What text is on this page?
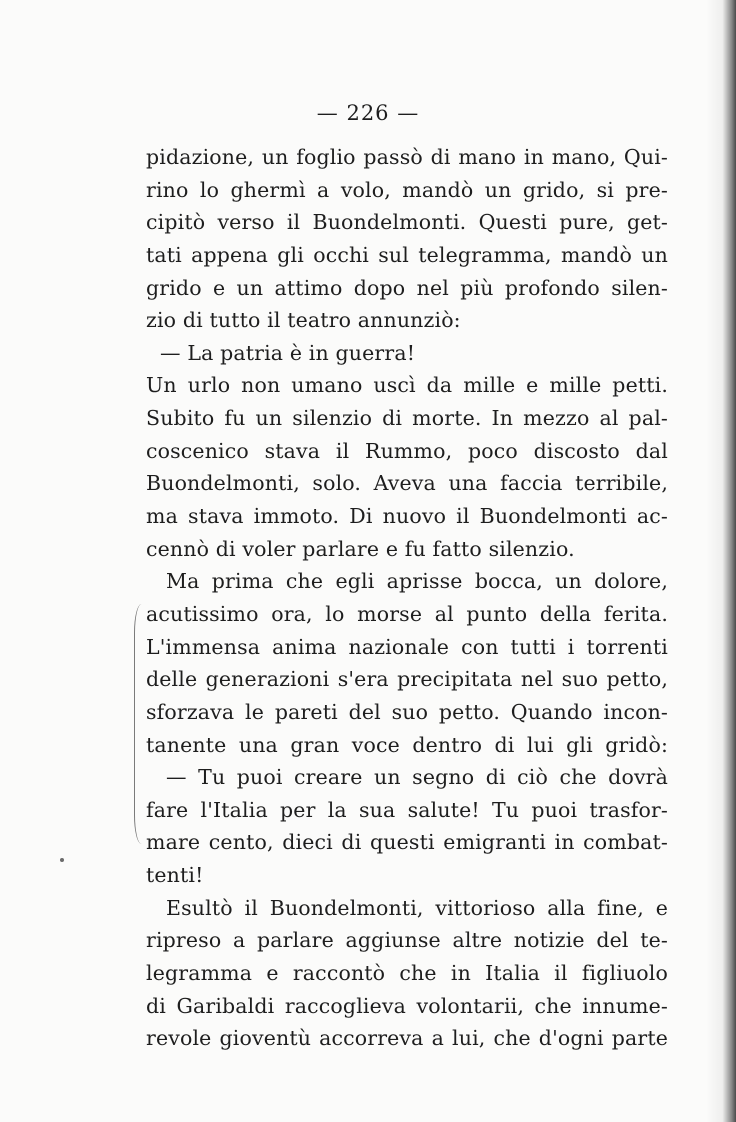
— 226 —
pidazione, un foglio passò di mano in mano, Qui-
rino lo ghermì a volo, mandò un grido, si pre-
cipitò verso il Buondelmonti. Questi pure, get-
tati appena gli occhi sul telegramma, mandò un
grido e un attimo dopo nel più profondo silen-
zio di tutto il teatro annunziò:
— La patria è in guerra!
Un urlo non umano uscì da mille e mille petti.
Subito fu un silenzio di morte. In mezzo al pal-
coscenico stava il Rummo, poco discosto dal
Buondelmonti, solo. Aveva una faccia terribile,
ma stava immoto. Di nuovo il Buondelmonti ac-
cennò di voler parlare e fu fatto silenzio.
Ma prima che egli aprisse bocca, un dolore,
acutissimo ora, lo morse al punto della ferita.
L'immensa anima nazionale con tutti i torrenti
delle generazioni s'era precipitata nel suo petto,
sforzava le pareti del suo petto. Quando incon-
tanente una gran voce dentro di lui gli gridò:
— Tu puoi creare un segno di ciò che dovrà
fare l'Italia per la sua salute! Tu puoi trasfor-
mare cento, dieci di questi emigranti in combat-
tenti!
Esultò il Buondelmonti, vittorioso alla fine, e
ripreso a parlare aggiunse altre notizie del te-
legramma e raccontò che in Italia il figliuolo
di Garibaldi raccoglieva volontarii, che innume-
revole gioventù accorreva a lui, che d'ogni parte
